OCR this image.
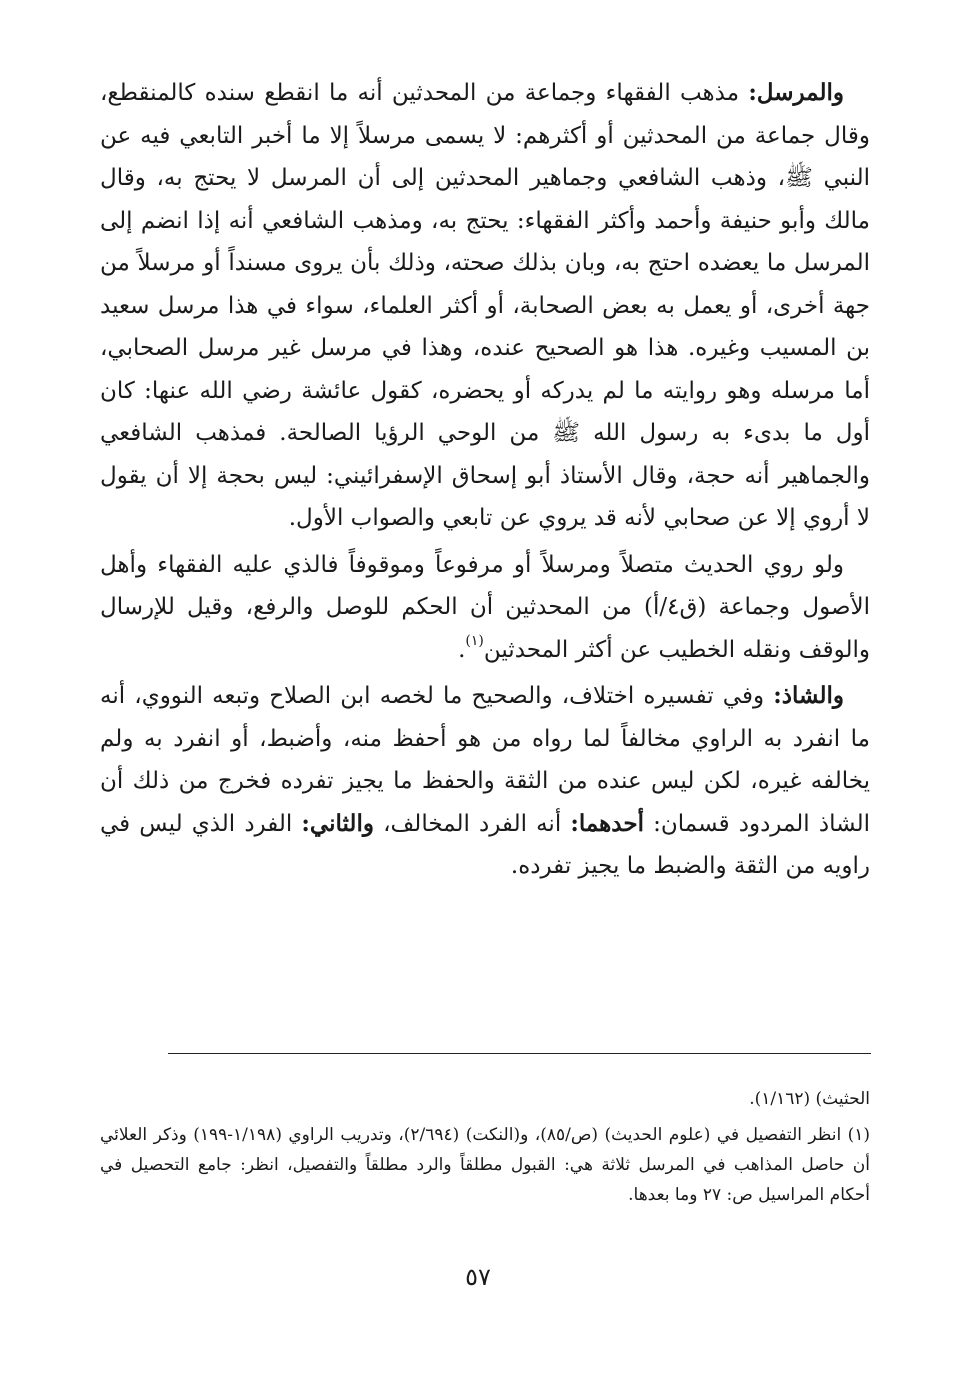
والمرسل: مذهب الفقهاء وجماعة من المحدثين أنه ما انقطع سنده كالمنقطع، وقال جماعة من المحدثين أو أكثرهم: لا يسمى مرسلاً إلا ما أخبر التابعي فيه عن النبي ﷺ، وذهب الشافعي وجماهير المحدثين إلى أن المرسل لا يحتج به، وقال مالك وأبو حنيفة وأحمد وأكثر الفقهاء: يحتج به، ومذهب الشافعي أنه إذا انضم إلى المرسل ما يعضده احتج به، وبان بذلك صحته، وذلك بأن يروى مسنداً أو مرسلاً من جهة أخرى، أو يعمل به بعض الصحابة، أو أكثر العلماء، سواء في هذا مرسل سعيد بن المسيب وغيره. هذا هو الصحيح عنده، وهذا في مرسل غير مرسل الصحابي، أما مرسله وهو روايته ما لم يدركه أو يحضره، كقول عائشة رضي الله عنها: كان أول ما بدىء به رسول الله ﷺ من الوحي الرؤيا الصالحة. فمذهب الشافعي والجماهير أنه حجة، وقال الأستاذ أبو إسحاق الإسفرائيني: ليس بحجة إلا أن يقول لا أروي إلا عن صحابي لأنه قد يروي عن تابعي والصواب الأول.

ولو روي الحديث متصلاً ومرسلاً أو مرفوعاً وموقوفاً فالذي عليه الفقهاء وأهل الأصول وجماعة (ق٤/أ) من المحدثين أن الحكم للوصل والرفع، وقيل للإرسال والوقف ونقله الخطيب عن أكثر المحدثين$^{(١)}$.

والشاذ: وفي تفسيره اختلاف، والصحيح ما لخصه ابن الصلاح وتبعه النووي، أنه ما انفرد به الراوي مخالفاً لما رواه من هو أحفظ منه، وأضبط، أو انفرد به ولم يخالفه غيره، لكن ليس عنده من الثقة والحفظ ما يجيز تفرده فخرج من ذلك أن الشاذ المردود قسمان: أحدهما: أنه الفرد المخالف، والثاني: الفرد الذي ليس في راويه من الثقة والضبط ما يجيز تفرده.

الحثيث) (١/١٦٢).

(١) انظر التفصيل في (علوم الحديث) (ص/٨٥)، و(النكت) (٢/٦٩٤)، وتدريب الراوي (١/١٩٨-١٩٩) وذكر العلائي أن حاصل المذاهب في المرسل ثلاثة هي: القبول مطلقاً والرد مطلقاً والتفصيل، انظر: جامع التحصيل في أحكام المراسيل ص: ٢٧ وما بعدها.

٥٧
